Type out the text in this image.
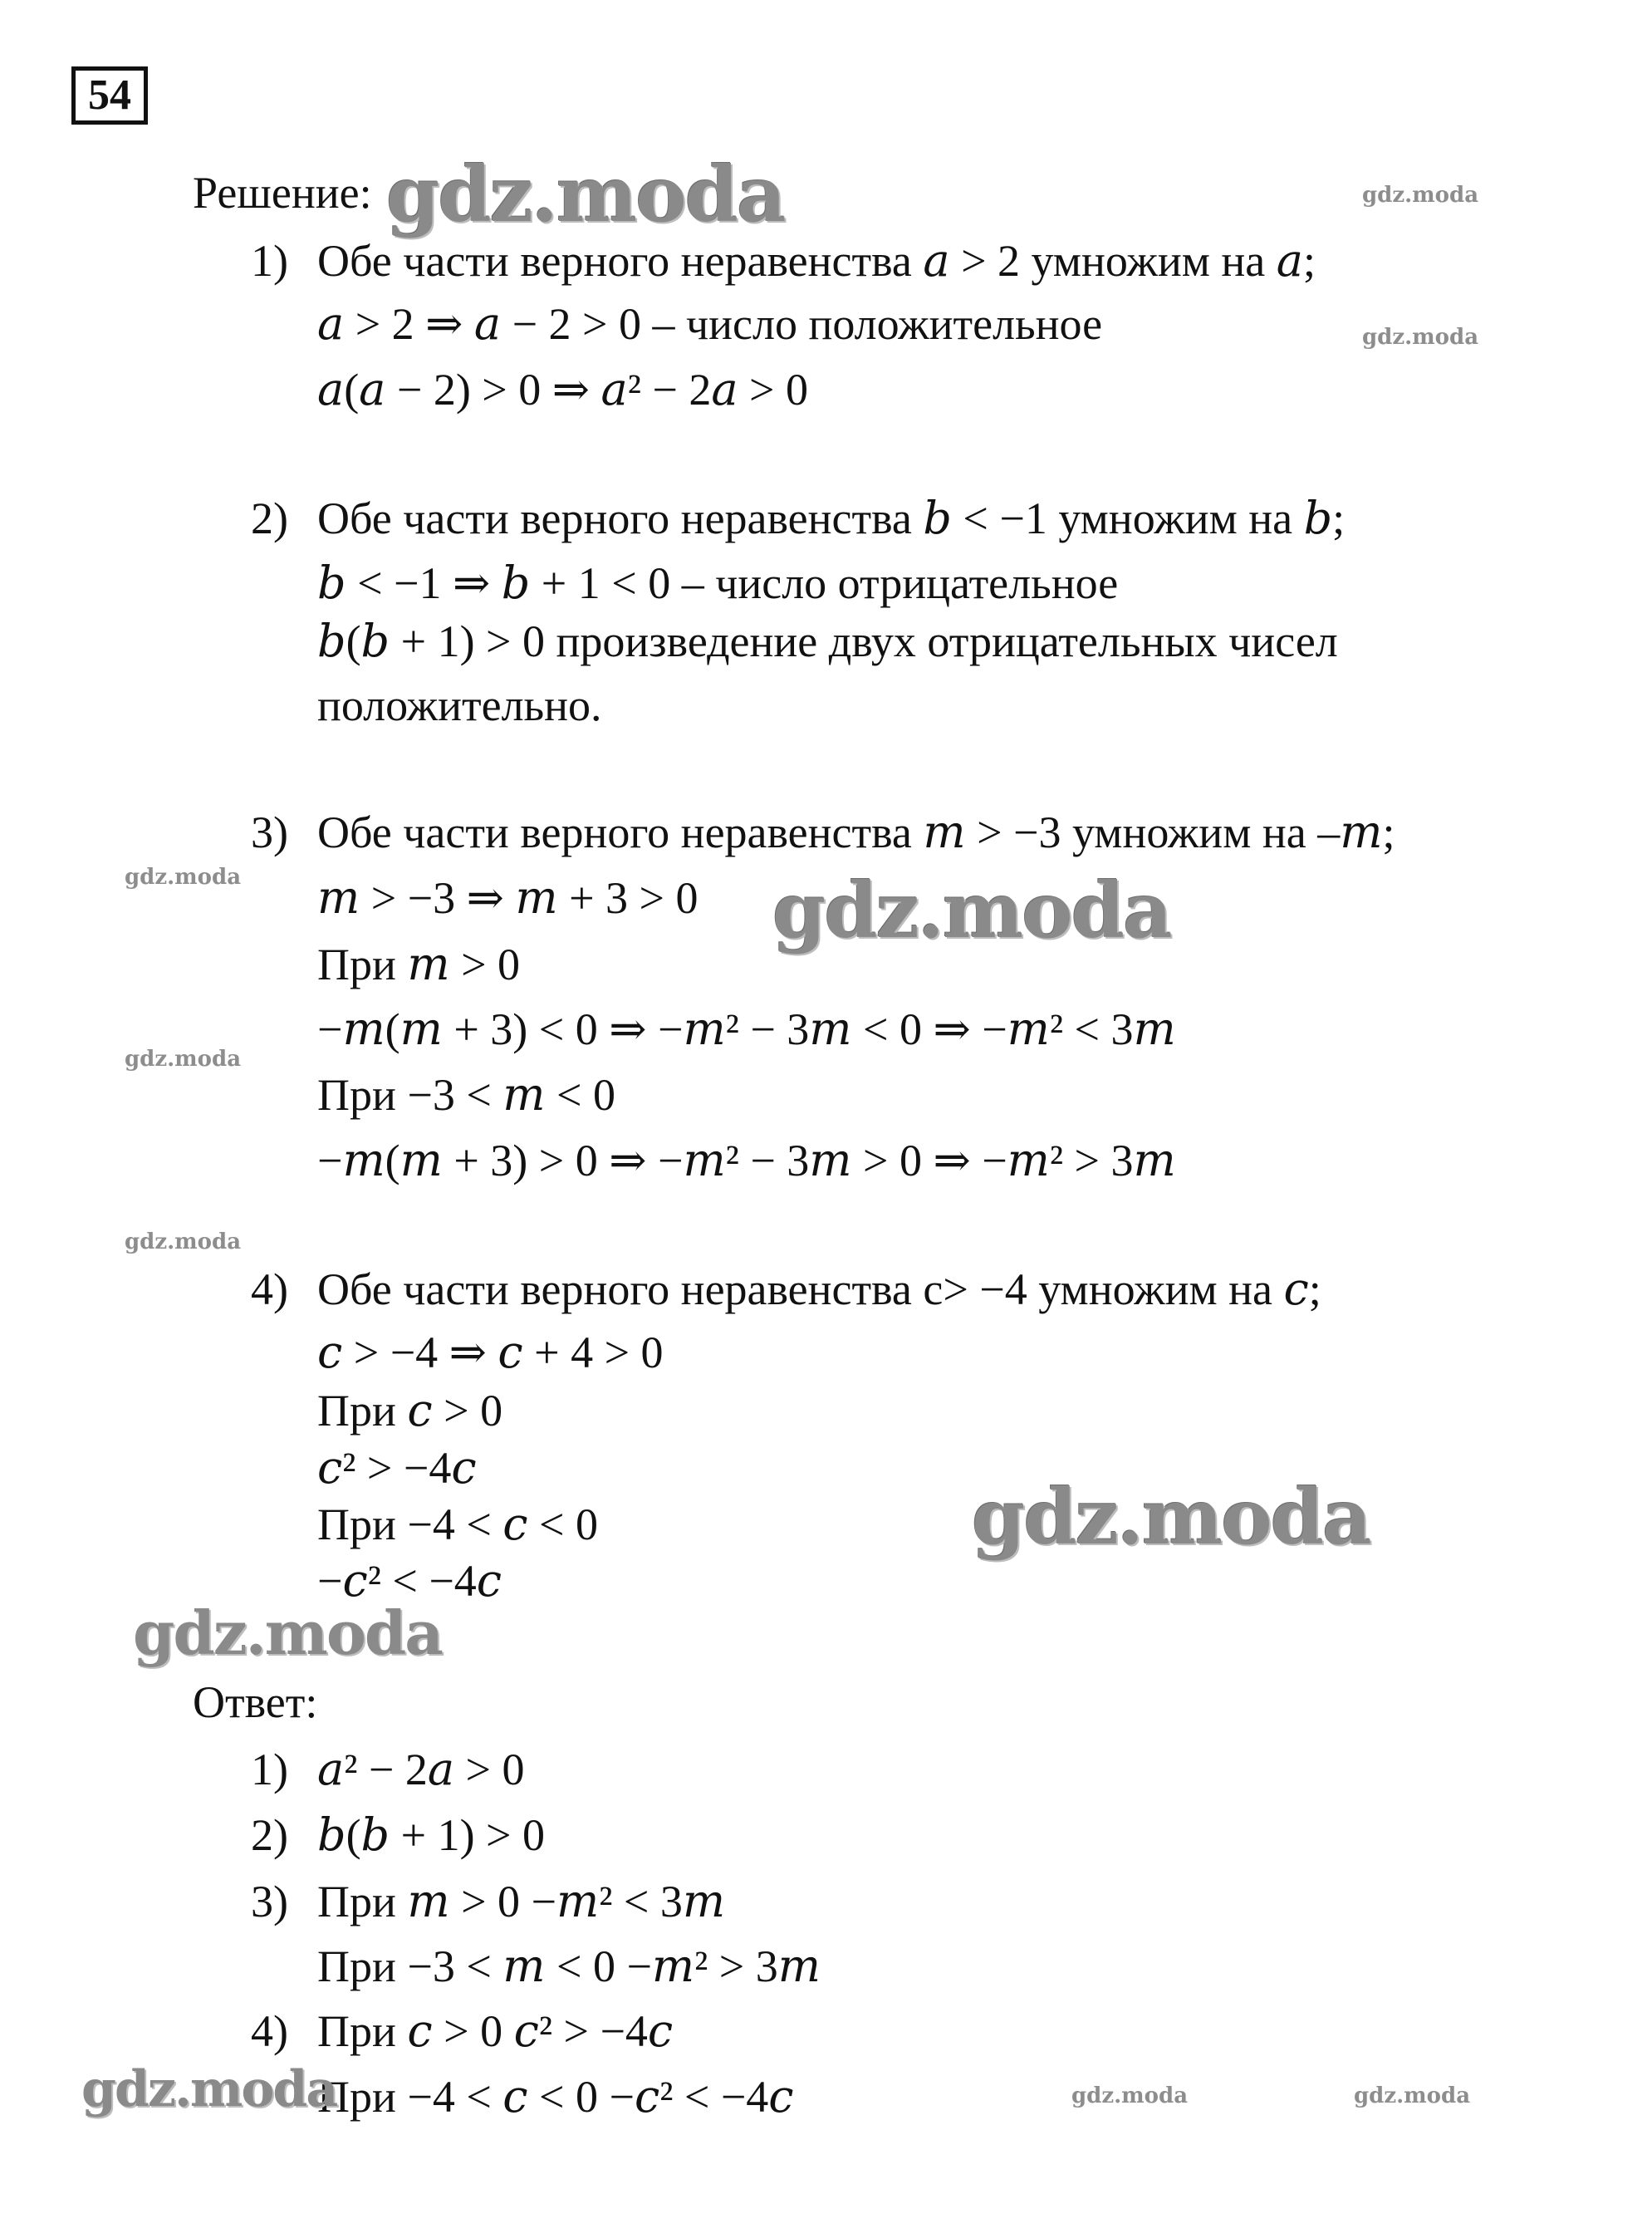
54
Решение:
1) Обе части верного неравенства 𝑎 > 2 умножим на 𝑎;
𝑎 > 2 ⇒ 𝑎 − 2 > 0 – число положительное
𝑎(𝑎 − 2) > 0 ⇒ 𝑎² − 2𝑎 > 0
2) Обе части верного неравенства 𝑏 < −1 умножим на 𝑏;
𝑏 < −1 ⇒ 𝑏 + 1 < 0 – число отрицательное
𝑏(𝑏 + 1) > 0 произведение двух отрицательных чисел
положительно.
3) Обе части верного неравенства 𝑚 > −3 умножим на –𝑚;
𝑚 > −3 ⇒ 𝑚 + 3 > 0
При 𝑚 > 0
−𝑚(𝑚 + 3) < 0 ⇒ −𝑚² − 3𝑚 < 0 ⇒ −𝑚² < 3𝑚
При −3 < 𝑚 < 0
−𝑚(𝑚 + 3) > 0 ⇒ −𝑚² − 3𝑚 > 0 ⇒ −𝑚² > 3𝑚
4) Обе части верного неравенства с> −4 умножим на 𝑐;
𝑐 > −4 ⇒ 𝑐 + 4 > 0
При 𝑐 > 0
𝑐² > −4𝑐
При −4 < 𝑐 < 0
−𝑐² < −4𝑐
Ответ:
1) 𝑎² − 2𝑎 > 0
2) 𝑏(𝑏 + 1) > 0
3) При 𝑚 > 0 −𝑚² < 3𝑚
При −3 < 𝑚 < 0 −𝑚² > 3𝑚
4) При 𝑐 > 0 𝑐² > −4𝑐
При −4 < 𝑐 < 0 −𝑐² < −4𝑐
gdz.moda	gdz.moda
gdz.moda
gdz.moda	gdz.moda
gdz.moda
gdz.moda
gdz.moda
gdz.moda
gdz.moda	gdz.moda	gdz.moda
